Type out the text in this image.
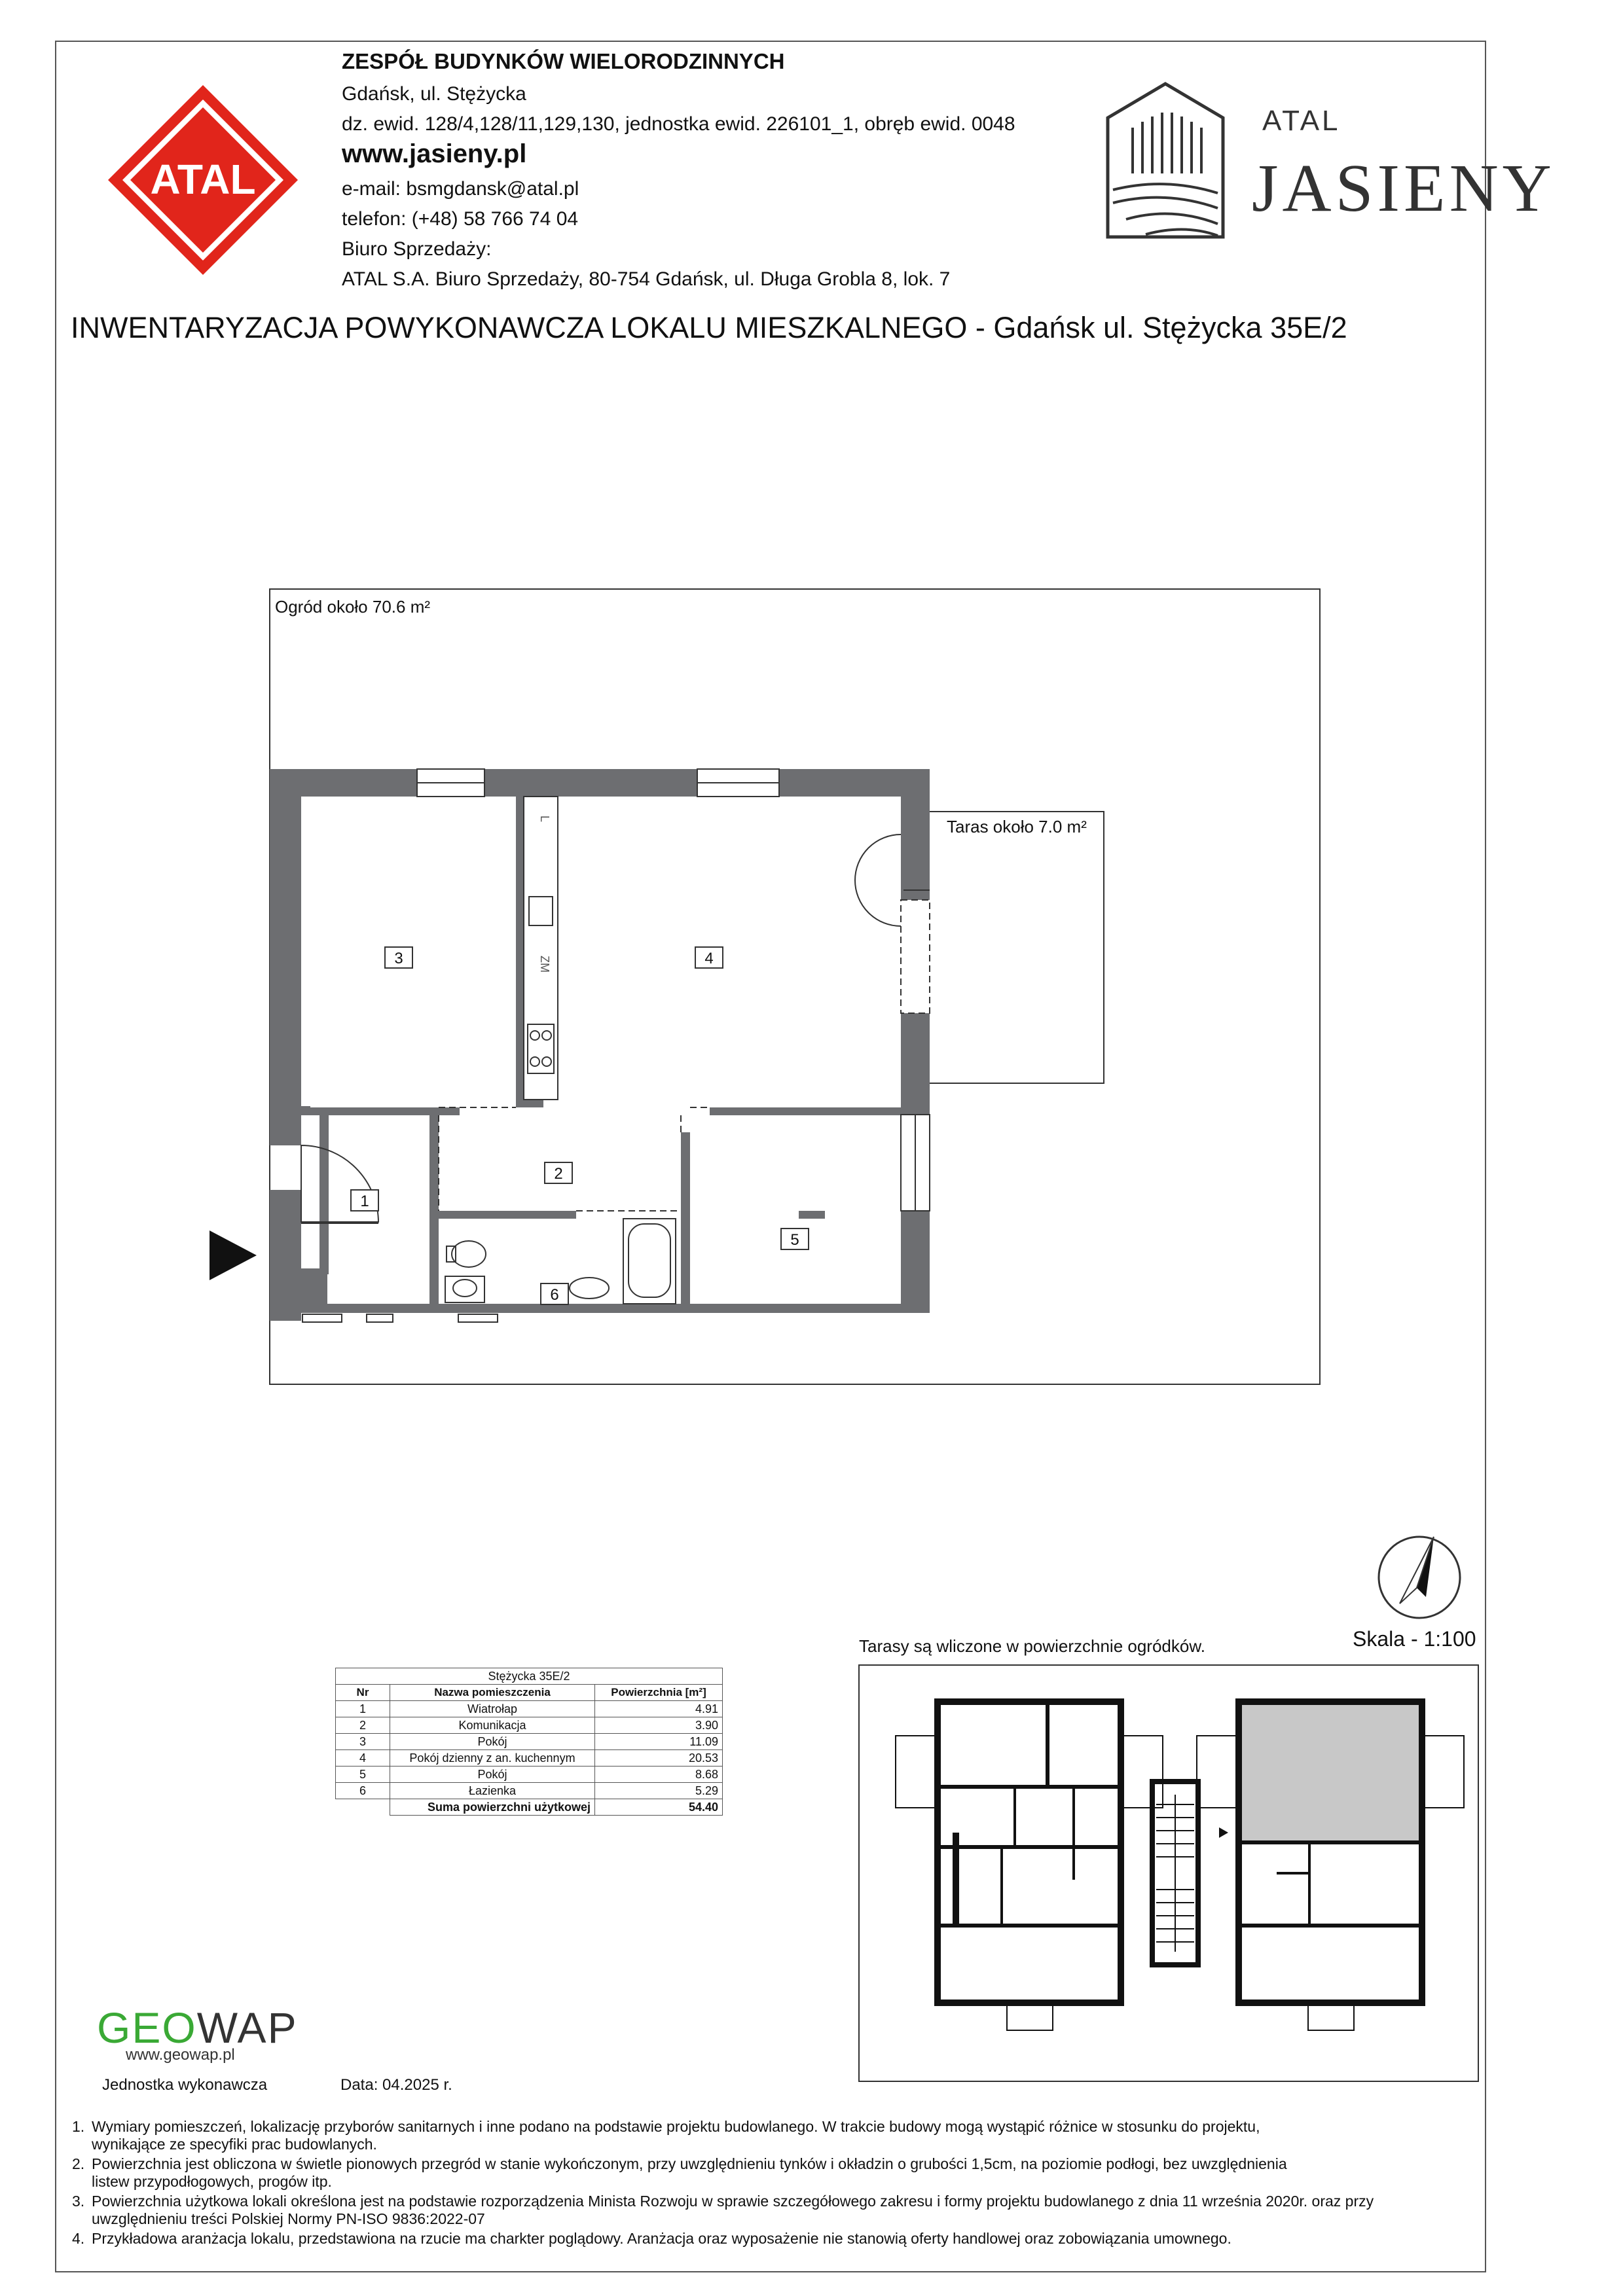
ATAL
ZESPÓŁ BUDYNKÓW WIELORODZINNYCH
Gdańsk, ul. Stężycka
dz. ewid. 128/4,128/11,129,130, jednostka ewid. 226101_1, obręb ewid. 0048
www.jasieny.pl
e-mail: bsmgdansk@atal.pl
telefon: (+48) 58 766 74 04
Biuro Sprzedaży:
ATAL S.A. Biuro Sprzedaży, 80-754 Gdańsk, ul. Długa Grobla 8, lok. 7
ATAL
JASIENY
INWENTARYZACJA POWYKONAWCZA LOKALU MIESZKALNEGO - Gdańsk ul. Stężycka 35E/2
L
ZM
Ogród około 70.6 m²
Taras około 7.0 m²
3	4
2
1
5
6
Skala - 1:100
Tarasy są wliczone w powierzchnie ogródków.
Stężycka 35E/2		
Nr	Nazwa pomieszczenia	Powierzchnia [m²]
1	Wiatrołap	4.91
2	Komunikacja	3.90
3	Pokój	11.09
4	Pokój dzienny z an. kuchennym	20.53
5	Pokój	8.68
6	Łazienka	5.29
	Suma powierzchni użytkowej	54.40
GEOWAP
www.geowap.pl
Jednostka wykonawcza	Data: 04.2025 r.
1. Wymiary pomieszczeń, lokalizację przyborów sanitarnych i inne podano na podstawie projektu budowlanego. W trakcie budowy mogą wystąpić różnice w stosunku do projektu,
wynikające ze specyfiki prac budowlanych.
2. Powierzchnia jest obliczona w świetle pionowych przegród w stanie wykończonym, przy uwzględnieniu tynków i okładzin o grubości 1,5cm, na poziomie podłogi, bez uwzględnienia
listew przypodłogowych, progów itp.
3. Powierzchnia użytkowa lokali określona jest na podstawie rozporządzenia Minista Rozwoju w sprawie szczegółowego zakresu i formy projektu budowlanego z dnia 11 września 2020r. oraz przy
uwzględnieniu treści Polskiej Normy PN-ISO 9836:2022-07
4. Przykładowa aranżacja lokalu, przedstawiona na rzucie ma charkter poglądowy. Aranżacja oraz wyposażenie nie stanowią oferty handlowej oraz zobowiązania umownego.
